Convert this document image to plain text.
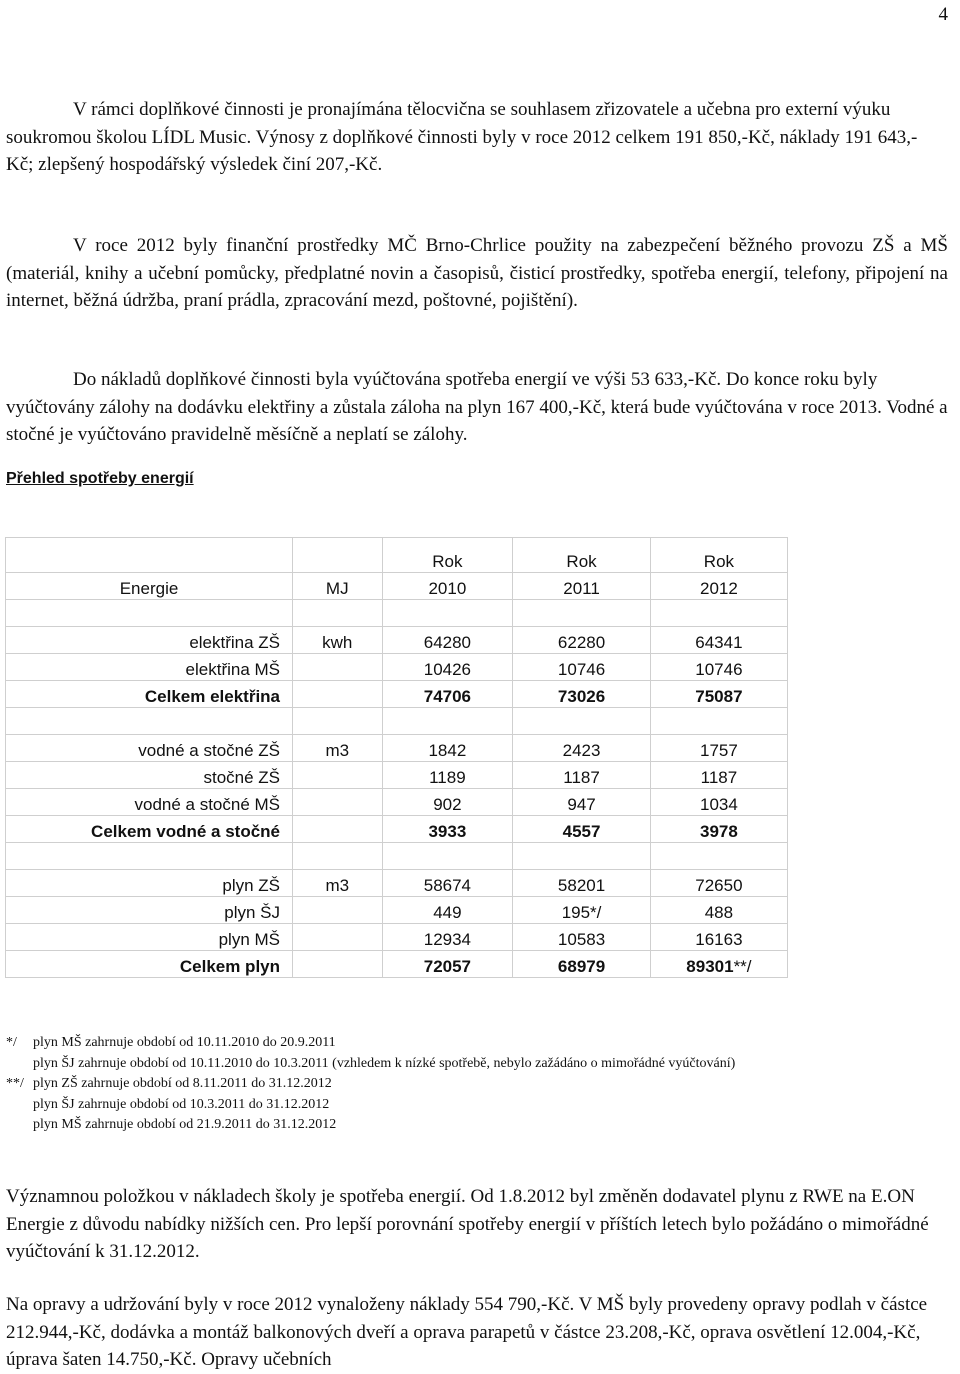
4

V rámci doplňkové činnosti je pronajímána tělocvična se souhlasem zřizovatele a učebna pro externí výuku soukromou školou LÍDL Music. Výnosy z doplňkové činnosti byly v roce 2012 celkem 191 850,-Kč, náklady 191 643,- Kč; zlepšený hospodářský výsledek činí 207,-Kč.

V roce 2012 byly finanční prostředky MČ Brno-Chrlice použity na zabezpečení běžného provozu ZŠ a MŠ (materiál, knihy a učební pomůcky, předplatné novin a časopisů, čisticí prostředky, spotřeba energií, telefony, připojení na internet, běžná údržba, praní prádla, zpracování mezd, poštovné, pojištění).

Do nákladů doplňkové činnosti byla vyúčtována spotřeba energií ve výši 53 633,-Kč. Do konce roku byly vyúčtovány zálohy na dodávku elektřiny a zůstala záloha na plyn 167 400,-Kč, která bude vyúčtována v roce 2013. Vodné a stočné je vyúčtováno pravidelně měsíčně a neplatí se zálohy.

Přehled spotřeby energií
		Rok	Rok	Rok
Energie	MJ	2010	2011	2012

elektřina ZŠ	kwh	64280	62280	64341
elektřina MŠ		10426	10746	10746
Celkem elektřina		74706	73026	75087

vodné a stočné ZŠ	m3	1842	2423	1757
stočné ZŠ		1189	1187	1187
vodné a stočné MŠ		902	947	1034
Celkem vodné a stočné		3933	4557	3978

plyn ZŠ	m3	58674	58201	72650
plyn ŠJ		449	195*/	488
plyn MŠ		12934	10583	16163
Celkem plyn		72057	68979	89301**/
*/ plyn MŠ zahrnuje období od 10.11.2010 do 20.9.2011
plyn ŠJ zahrnuje období od 10.11.2010 do 10.3.2011 (vzhledem k nízké spotřebě, nebylo zažádáno o mimořádné vyúčtování)
**/ plyn ZŠ zahrnuje období od 8.11.2011 do 31.12.2012
plyn ŠJ zahrnuje období od 10.3.2011 do 31.12.2012
plyn MŠ zahrnuje období od 21.9.2011 do 31.12.2012

Významnou položkou v nákladech školy je spotřeba energií. Od 1.8.2012 byl změněn dodavatel plynu z RWE na E.ON Energie z důvodu nabídky nižších cen. Pro lepší porovnání spotřeby energií v příštích letech bylo požádáno o mimořádné vyúčtování k 31.12.2012.

Na opravy a udržování byly v roce 2012 vynaloženy náklady 554 790,-Kč. V MŠ byly provedeny opravy podlah v částce 212.944,-Kč, dodávka a montáž balkonových dveří a oprava parapetů v částce 23.208,-Kč, oprava osvětlení 12.004,-Kč, úprava šaten 14.750,-Kč. Opravy učebních
